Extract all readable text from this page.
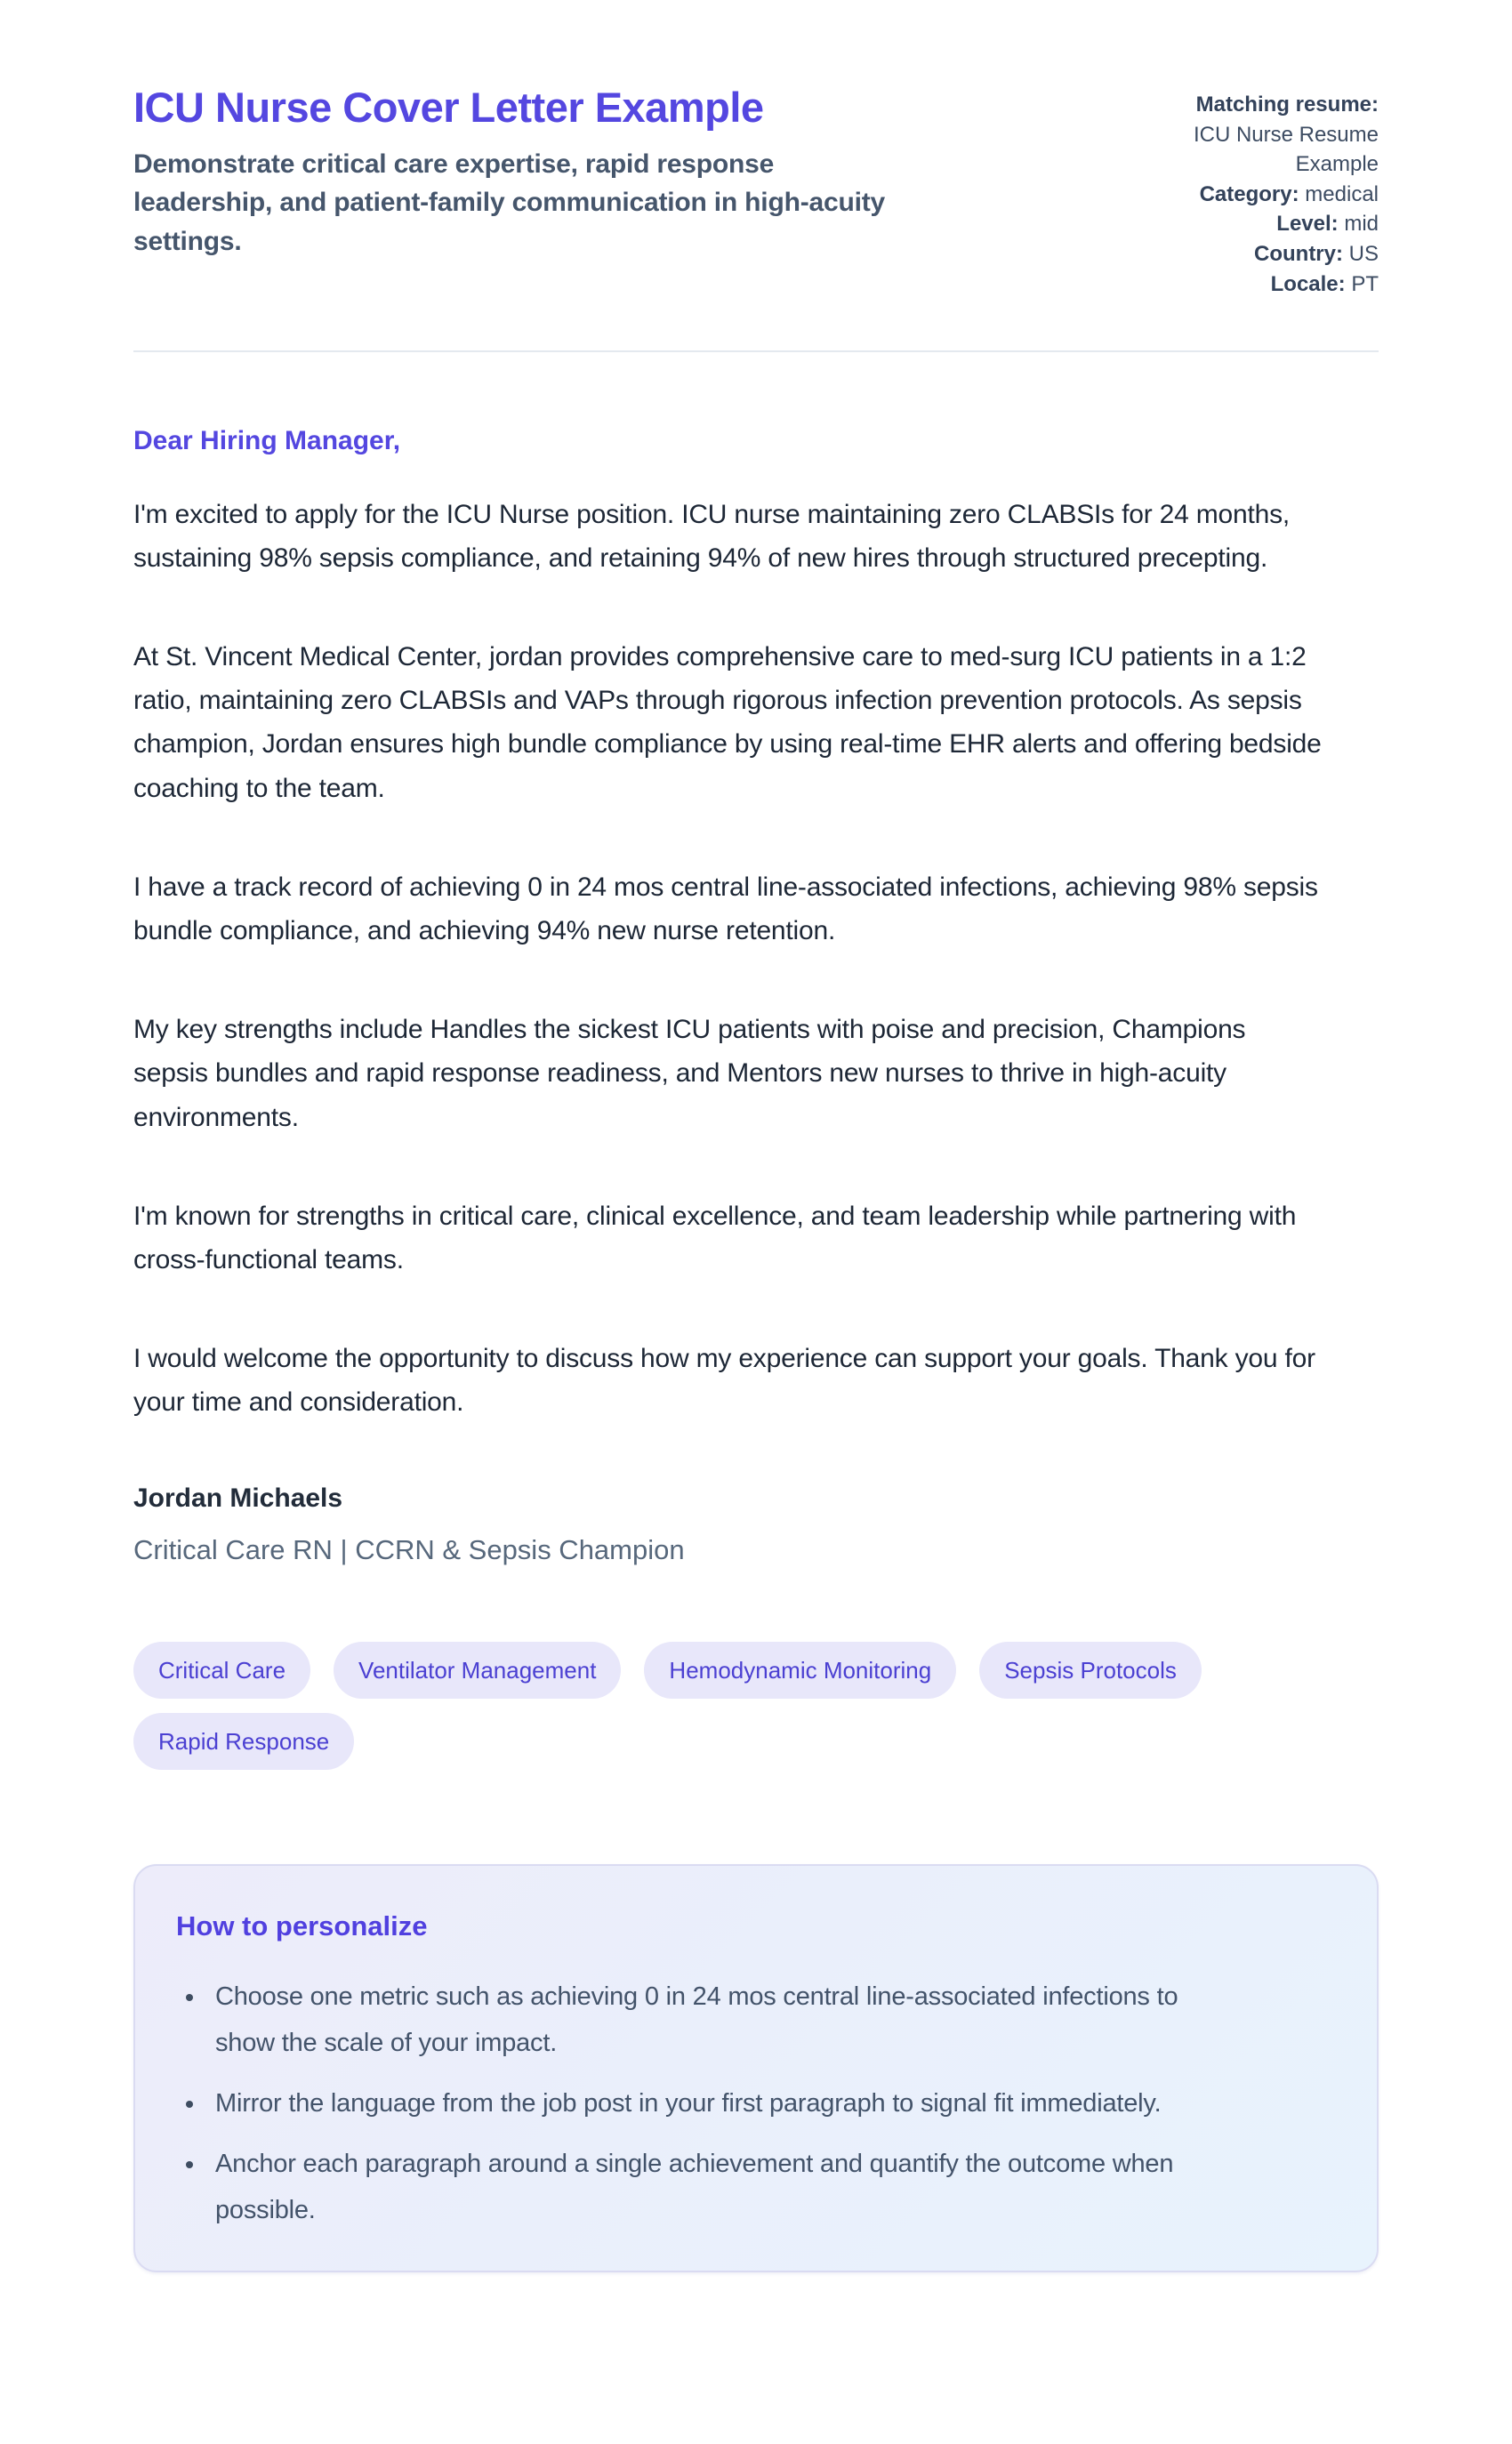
ICU Nurse Cover Letter Example
Demonstrate critical care expertise, rapid response leadership, and patient-family communication in high-acuity settings.
Matching resume:
ICU Nurse Resume Example
Category: medical
Level: mid
Country: US
Locale: PT
Dear Hiring Manager,

I'm excited to apply for the ICU Nurse position. ICU nurse maintaining zero CLABSIs for 24 months, sustaining 98% sepsis compliance, and retaining 94% of new hires through structured precepting.

At St. Vincent Medical Center, jordan provides comprehensive care to med-surg ICU patients in a 1:2 ratio, maintaining zero CLABSIs and VAPs through rigorous infection prevention protocols. As sepsis champion, Jordan ensures high bundle compliance by using real-time EHR alerts and offering bedside coaching to the team.

I have a track record of achieving 0 in 24 mos central line-associated infections, achieving 98% sepsis bundle compliance, and achieving 94% new nurse retention.

My key strengths include Handles the sickest ICU patients with poise and precision, Champions sepsis bundles and rapid response readiness, and Mentors new nurses to thrive in high-acuity environments.

I'm known for strengths in critical care, clinical excellence, and team leadership while partnering with cross-functional teams.

I would welcome the opportunity to discuss how my experience can support your goals. Thank you for your time and consideration.

Jordan Michaels
Critical Care RN | CCRN & Sepsis Champion
Critical Care	Ventilator Management	Hemodynamic Monitoring	Sepsis Protocols
Rapid Response
How to personalize
• Choose one metric such as achieving 0 in 24 mos central line-associated infections to show the scale of your impact.
• Mirror the language from the job post in your first paragraph to signal fit immediately.
• Anchor each paragraph around a single achievement and quantify the outcome when possible.
